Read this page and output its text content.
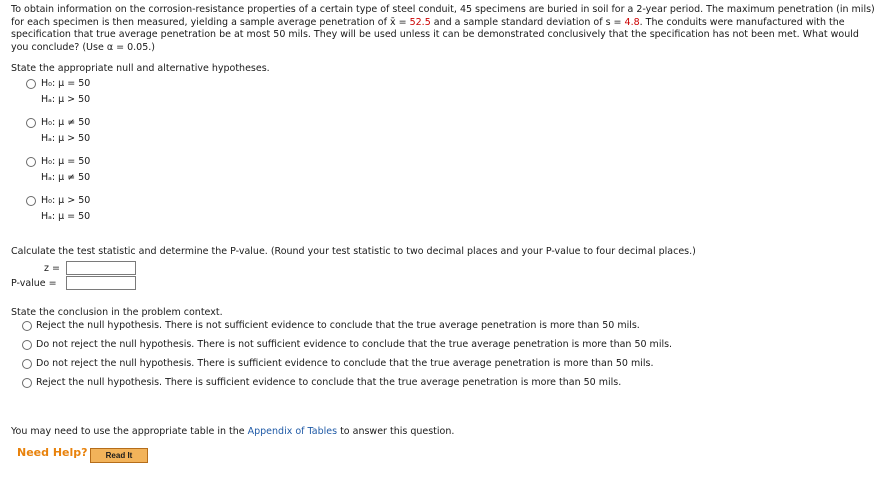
To obtain information on the corrosion-resistance properties of a certain type of steel conduit, 45 specimens are buried in soil for a 2-year period. The maximum penetration (in mils) for each specimen is then measured, yielding a sample average penetration of x̄ = 52.5 and a sample standard deviation of s = 4.8. The conduits were manufactured with the specification that true average penetration be at most 50 mils. They will be used unless it can be demonstrated conclusively that the specification has not been met. What would you conclude? (Use α = 0.05.)
State the appropriate null and alternative hypotheses.
H₀: μ = 50
Hₐ: μ > 50
H₀: μ ≠ 50
Hₐ: μ > 50
H₀: μ = 50
Hₐ: μ ≠ 50
H₀: μ > 50
Hₐ: μ = 50
Calculate the test statistic and determine the P-value. (Round your test statistic to two decimal places and your P-value to four decimal places.)
z =
P-value =
State the conclusion in the problem context.
Reject the null hypothesis. There is not sufficient evidence to conclude that the true average penetration is more than 50 mils.
Do not reject the null hypothesis. There is not sufficient evidence to conclude that the true average penetration is more than 50 mils.
Do not reject the null hypothesis. There is sufficient evidence to conclude that the true average penetration is more than 50 mils.
Reject the null hypothesis. There is sufficient evidence to conclude that the true average penetration is more than 50 mils.
You may need to use the appropriate table in the Appendix of Tables to answer this question.
Need Help?	Read It
